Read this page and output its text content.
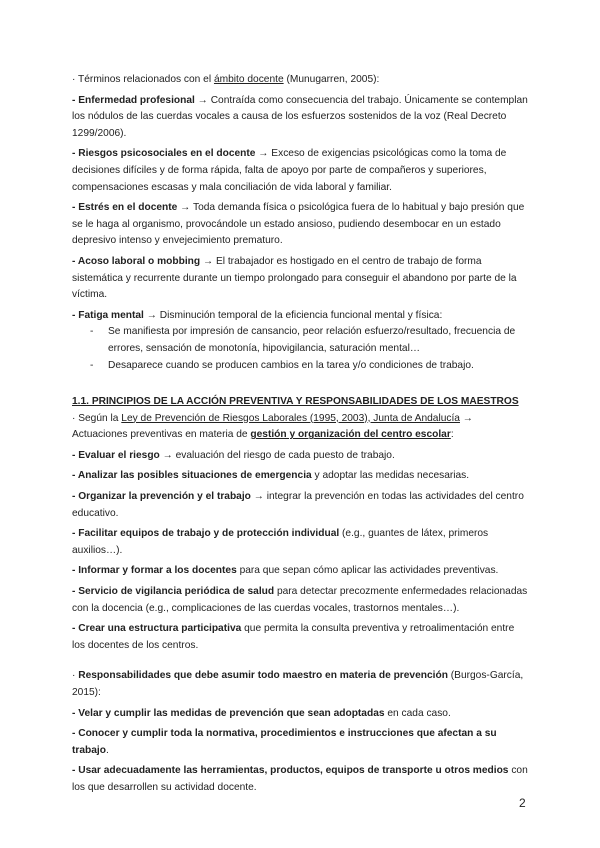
· Términos relacionados con el ámbito docente (Munugarren, 2005):

- Enfermedad profesional → Contraída como consecuencia del trabajo. Únicamente se contemplan los nódulos de las cuerdas vocales a causa de los esfuerzos sostenidos de la voz (Real Decreto 1299/2006).

- Riesgos psicosociales en el docente → Exceso de exigencias psicológicas como la toma de decisiones difíciles y de forma rápida, falta de apoyo por parte de compañeros y superiores, compensaciones escasas y mala conciliación de vida laboral y familiar.

- Estrés en el docente → Toda demanda física o psicológica fuera de lo habitual y bajo presión que se le haga al organismo, provocándole un estado ansioso, pudiendo desembocar en un estado depresivo intenso y envejecimiento prematuro.

- Acoso laboral o mobbing → El trabajador es hostigado en el centro de trabajo de forma sistemática y recurrente durante un tiempo prolongado para conseguir el abandono por parte de la víctima.

- Fatiga mental → Disminución temporal de la eficiencia funcional mental y física:

- Se manifiesta por impresión de cansancio, peor relación esfuerzo/resultado, frecuencia de errores, sensación de monotonía, hipovigilancia, saturación mental…
- Desaparece cuando se producen cambios en la tarea y/o condiciones de trabajo.

1.1. PRINCIPIOS DE LA ACCIÓN PREVENTIVA Y RESPONSABILIDADES DE LOS MAESTROS

· Según la Ley de Prevención de Riesgos Laborales (1995, 2003), Junta de Andalucía → Actuaciones preventivas en materia de gestión y organización del centro escolar:

- Evaluar el riesgo → evaluación del riesgo de cada puesto de trabajo.

- Analizar las posibles situaciones de emergencia y adoptar las medidas necesarias.

- Organizar la prevención y el trabajo → integrar la prevención en todas las actividades del centro educativo.

- Facilitar equipos de trabajo y de protección individual (e.g., guantes de látex, primeros auxilios…).

- Informar y formar a los docentes para que sepan cómo aplicar las actividades preventivas.

- Servicio de vigilancia periódica de salud para detectar precozmente enfermedades relacionadas con la docencia (e.g., complicaciones de las cuerdas vocales, trastornos mentales…).

- Crear una estructura participativa que permita la consulta preventiva y retroalimentación entre los docentes de los centros.

· Responsabilidades que debe asumir todo maestro en materia de prevención (Burgos-García, 2015):

- Velar y cumplir las medidas de prevención que sean adoptadas en cada caso.

- Conocer y cumplir toda la normativa, procedimientos e instrucciones que afectan a su trabajo.

- Usar adecuadamente las herramientas, productos, equipos de transporte u otros medios con los que desarrollen su actividad docente.

2
